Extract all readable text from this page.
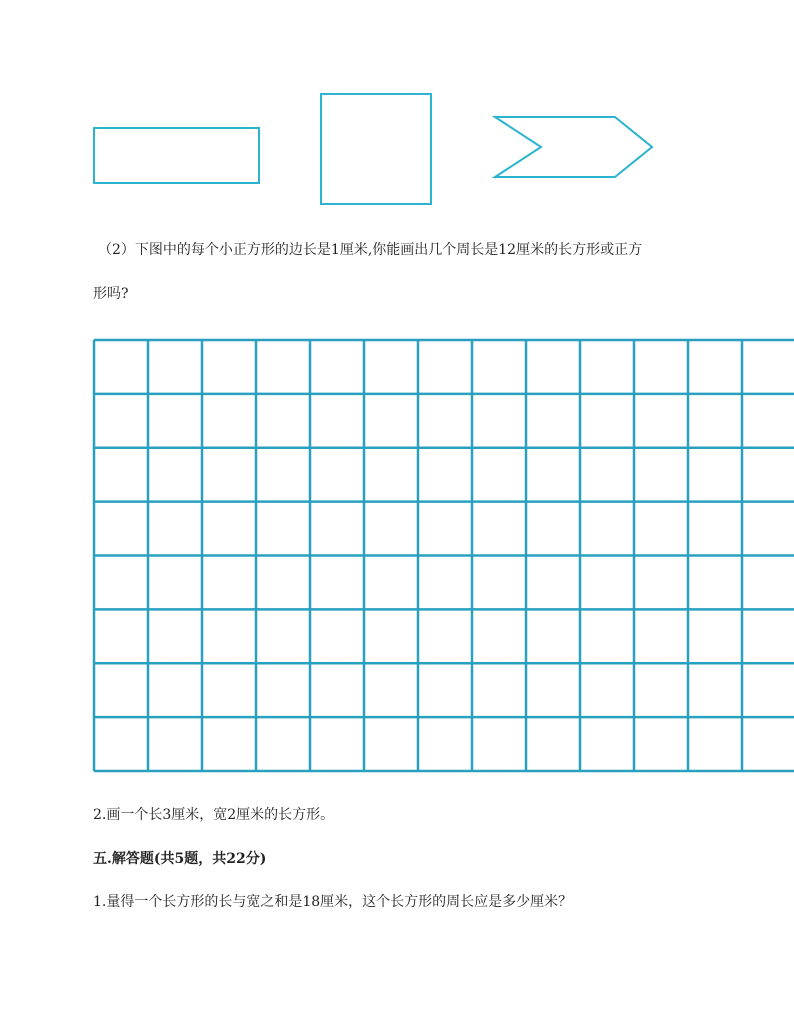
（2）下图中的每个小正方形的边长是1厘米,你能画出几个周长是12厘米的长方形或正方
形吗?
2.画一个长3厘米，宽2厘米的长方形。
五.解答题(共5题，共22分)
1.量得一个长方形的长与宽之和是18厘米，这个长方形的周长应是多少厘米？
